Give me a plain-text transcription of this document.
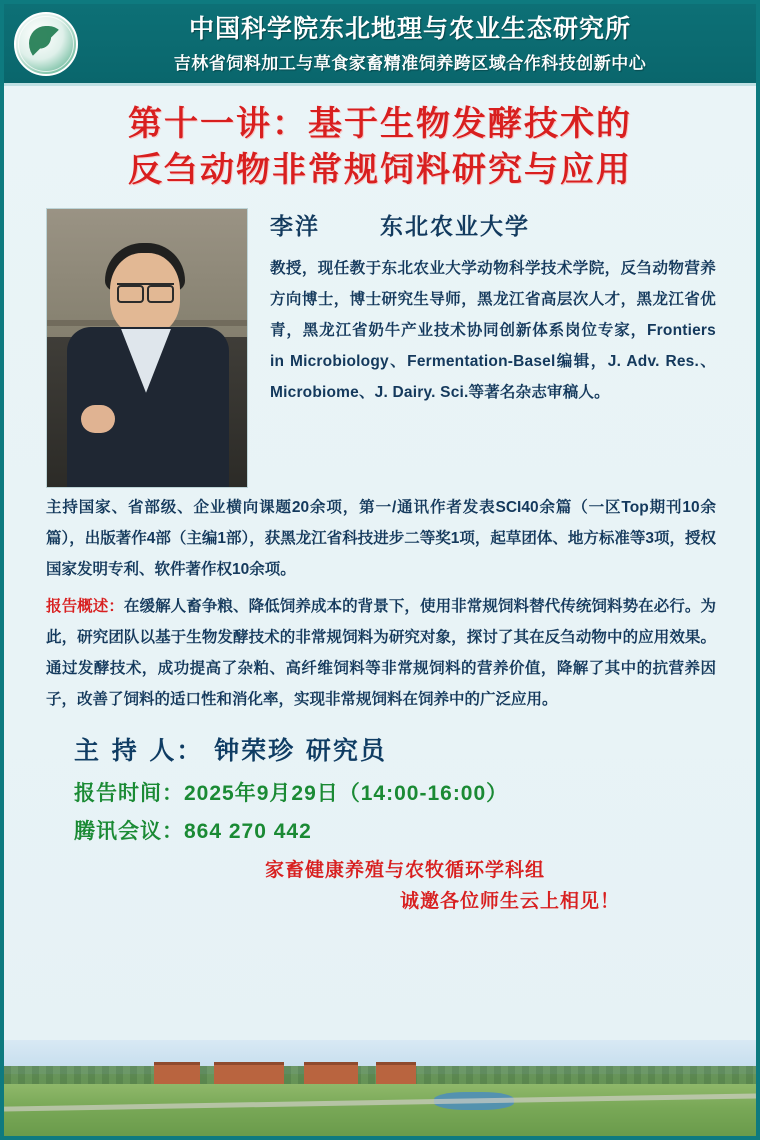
中国科学院东北地理与农业生态研究所
吉林省饲料加工与草食家畜精准饲养跨区域合作科技创新中心
第十一讲：基于生物发酵技术的
反刍动物非常规饲料研究与应用
李洋	东北农业大学
教授，现任教于东北农业大学动物科学技术学院，反刍动物营养方向博士，博士研究生导师，黑龙江省高层次人才，黑龙江省优青，黑龙江省奶牛产业技术协同创新体系岗位专家，Frontiers in Microbiology、Fermentation-Basel编辑，J. Adv. Res.、Microbiome、J. Dairy. Sci.等著名杂志审稿人。
主持国家、省部级、企业横向课题20余项，第一/通讯作者发表SCI40余篇（一区Top期刊10余篇），出版著作4部（主编1部），获黑龙江省科技进步二等奖1项，起草团体、地方标准等3项，授权国家发明专利、软件著作权10余项。
报告概述：在缓解人畜争粮、降低饲养成本的背景下，使用非常规饲料替代传统饲料势在必行。为此，研究团队以基于生物发酵技术的非常规饲料为研究对象，探讨了其在反刍动物中的应用效果。通过发酵技术，成功提高了杂粕、高纤维饲料等非常规饲料的营养价值，降解了其中的抗营养因子，改善了饲料的适口性和消化率，实现非常规饲料在饲养中的广泛应用。
主 持 人： 钟荣珍 研究员
报告时间：2025年9月29日（14:00-16:00）
腾讯会议：864 270 442
家畜健康养殖与农牧循环学科组
诚邀各位师生云上相见！
